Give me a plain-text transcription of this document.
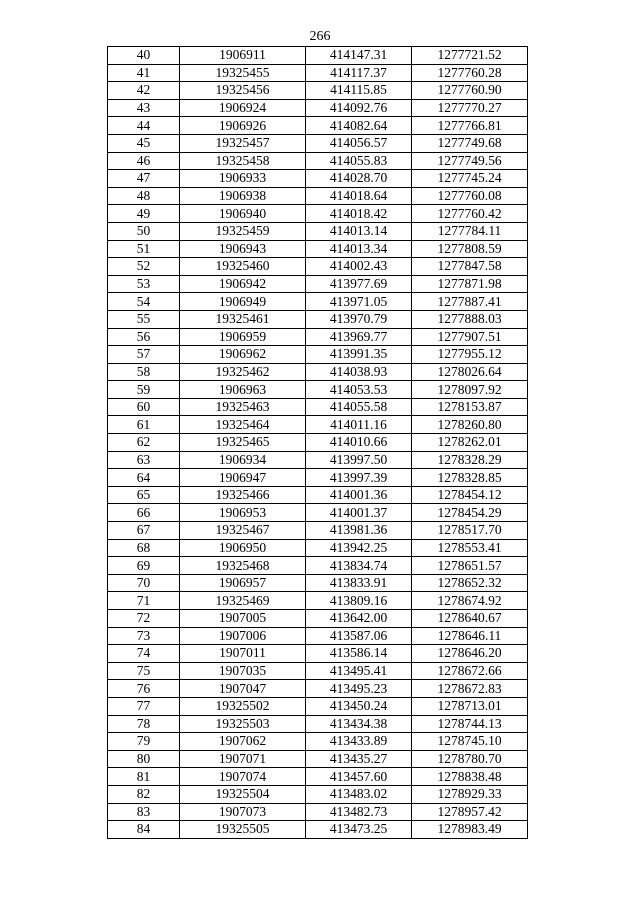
266
40	1906911	414147.31	1277721.52
41	19325455	414117.37	1277760.28
42	19325456	414115.85	1277760.90
43	1906924	414092.76	1277770.27
44	1906926	414082.64	1277766.81
45	19325457	414056.57	1277749.68
46	19325458	414055.83	1277749.56
47	1906933	414028.70	1277745.24
48	1906938	414018.64	1277760.08
49	1906940	414018.42	1277760.42
50	19325459	414013.14	1277784.11
51	1906943	414013.34	1277808.59
52	19325460	414002.43	1277847.58
53	1906942	413977.69	1277871.98
54	1906949	413971.05	1277887.41
55	19325461	413970.79	1277888.03
56	1906959	413969.77	1277907.51
57	1906962	413991.35	1277955.12
58	19325462	414038.93	1278026.64
59	1906963	414053.53	1278097.92
60	19325463	414055.58	1278153.87
61	19325464	414011.16	1278260.80
62	19325465	414010.66	1278262.01
63	1906934	413997.50	1278328.29
64	1906947	413997.39	1278328.85
65	19325466	414001.36	1278454.12
66	1906953	414001.37	1278454.29
67	19325467	413981.36	1278517.70
68	1906950	413942.25	1278553.41
69	19325468	413834.74	1278651.57
70	1906957	413833.91	1278652.32
71	19325469	413809.16	1278674.92
72	1907005	413642.00	1278640.67
73	1907006	413587.06	1278646.11
74	1907011	413586.14	1278646.20
75	1907035	413495.41	1278672.66
76	1907047	413495.23	1278672.83
77	19325502	413450.24	1278713.01
78	19325503	413434.38	1278744.13
79	1907062	413433.89	1278745.10
80	1907071	413435.27	1278780.70
81	1907074	413457.60	1278838.48
82	19325504	413483.02	1278929.33
83	1907073	413482.73	1278957.42
84	19325505	413473.25	1278983.49
